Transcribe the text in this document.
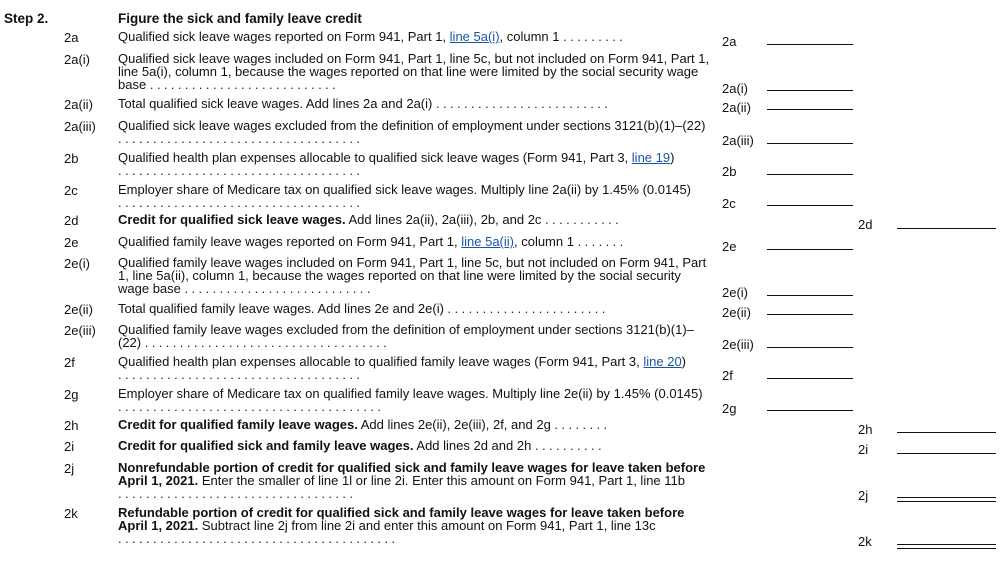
Step 2.	Figure the sick and family leave credit
2a	Qualified sick leave wages reported on Form 941, Part 1, line 5a(i), column 1 .........	2a
2a(i) Qualified sick leave wages included on Form 941, Part 1, line 5c, but not included on Form 941, Part 1, line 5a(i), column 1, because the wages reported on that line were limited by the social security wage base ...........................	2a(i)
2a(ii) Total qualified sick leave wages. Add lines 2a and 2a(i) .........................	2a(ii)
2a(iii) Qualified sick leave wages excluded from the definition of employment under sections 3121(b)(1)–(22) ...................................	2a(iii)
2b	Qualified health plan expenses allocable to qualified sick leave wages (Form 941, Part 3, line 19) ...................................	2b
2c	Employer share of Medicare tax on qualified sick leave wages. Multiply line 2a(ii) by 1.45% (0.0145) ...................................	2c
2d	Credit for qualified sick leave wages. Add lines 2a(ii), 2a(iii), 2b, and 2c ...........	2d
2e	Qualified family leave wages reported on Form 941, Part 1, line 5a(ii), column 1 .......	2e
2e(i) Qualified family leave wages included on Form 941, Part 1, line 5c, but not included on Form 941, Part 1, line 5a(ii), column 1, because the wages reported on that line were limited by the social security wage base ...........................	2e(i)
2e(ii) Total qualified family leave wages. Add lines 2e and 2e(i) .......................	2e(ii)
2e(iii) Qualified family leave wages excluded from the definition of employment under sections 3121(b)(1)–(22) ...................................	2e(iii)
2f	Qualified health plan expenses allocable to qualified family leave wages (Form 941, Part 3, line 20) ...................................	2f
2g	Employer share of Medicare tax on qualified family leave wages. Multiply line 2e(ii) by 1.45% (0.0145) ......................................	2g
2h	Credit for qualified family leave wages. Add lines 2e(ii), 2e(iii), 2f, and 2g ........	2h
2i	Credit for qualified sick and family leave wages. Add lines 2d and 2h ..........	2i
2j	Nonrefundable portion of credit for qualified sick and family leave wages for leave taken before April 1, 2021. Enter the smaller of line 1l or line 2i. Enter this amount on Form 941, Part 1, line 11b ..................................	2j
2k	Refundable portion of credit for qualified sick and family leave wages for leave taken before April 1, 2021. Subtract line 2j from line 2i and enter this amount on Form 941, Part 1, line 13c ........................................	2k
